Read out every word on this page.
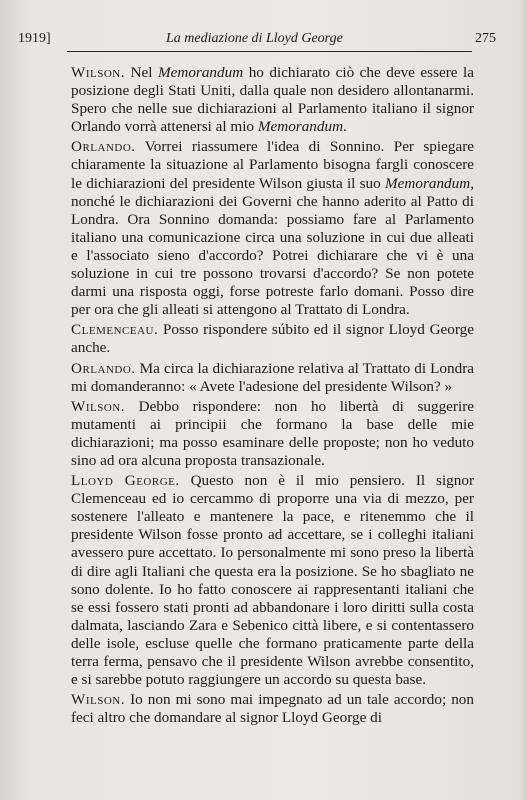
1919]	La mediazione di Lloyd George	275

Wilson. Nel Memorandum ho dichiarato ciò che deve essere la posizione degli Stati Uniti, dalla quale non desidero allontanarmi. Spero che nelle sue dichiarazioni al Parlamento italiano il signor Orlando vorrà attenersi al mio Memorandum.

Orlando. Vorrei riassumere l'idea di Sonnino. Per spiegare chiaramente la situazione al Parlamento bisogna fargli conoscere le dichiarazioni del presidente Wilson giusta il suo Memorandum, nonché le dichiarazioni dei Governi che hanno aderito al Patto di Londra. Ora Sonnino domanda: possiamo fare al Parlamento italiano una comunicazione circa una soluzione in cui due alleati e l'associato sieno d'accordo? Potrei dichiarare che vi è una soluzione in cui tre possono trovarsi d'accordo? Se non potete darmi una risposta oggi, forse potreste farlo domani. Posso dire per ora che gli alleati si attengono al Trattato di Londra.

Clemenceau. Posso rispondere súbito ed il signor Lloyd George anche.

Orlando. Ma circa la dichiarazione relativa al Trattato di Londra mi domanderanno: « Avete l'adesione del presidente Wilson? »

Wilson. Debbo rispondere: non ho libertà di suggerire mutamenti ai principii che formano la base delle mie dichiarazioni; ma posso esaminare delle proposte; non ho veduto sino ad ora alcuna proposta transazionale.

Lloyd George. Questo non è il mio pensiero. Il signor Clemenceau ed io cercammo di proporre una via di mezzo, per sostenere l'alleato e mantenere la pace, e ritenemmo che il presidente Wilson fosse pronto ad accettare, se i colleghi italiani avessero pure accettato. Io personalmente mi sono preso la libertà di dire agli Italiani che questa era la posizione. Se ho sbagliato ne sono dolente. Io ho fatto conoscere ai rappresentanti italiani che se essi fossero stati pronti ad abbandonare i loro diritti sulla costa dalmata, lasciando Zara e Sebenico città libere, e si contentassero delle isole, escluse quelle che formano praticamente parte della terra ferma, pensavo che il presidente Wilson avrebbe consentito, e si sarebbe potuto raggiungere un accordo su questa base.

Wilson. Io non mi sono mai impegnato ad un tale accordo; non feci altro che domandare al signor Lloyd George di
